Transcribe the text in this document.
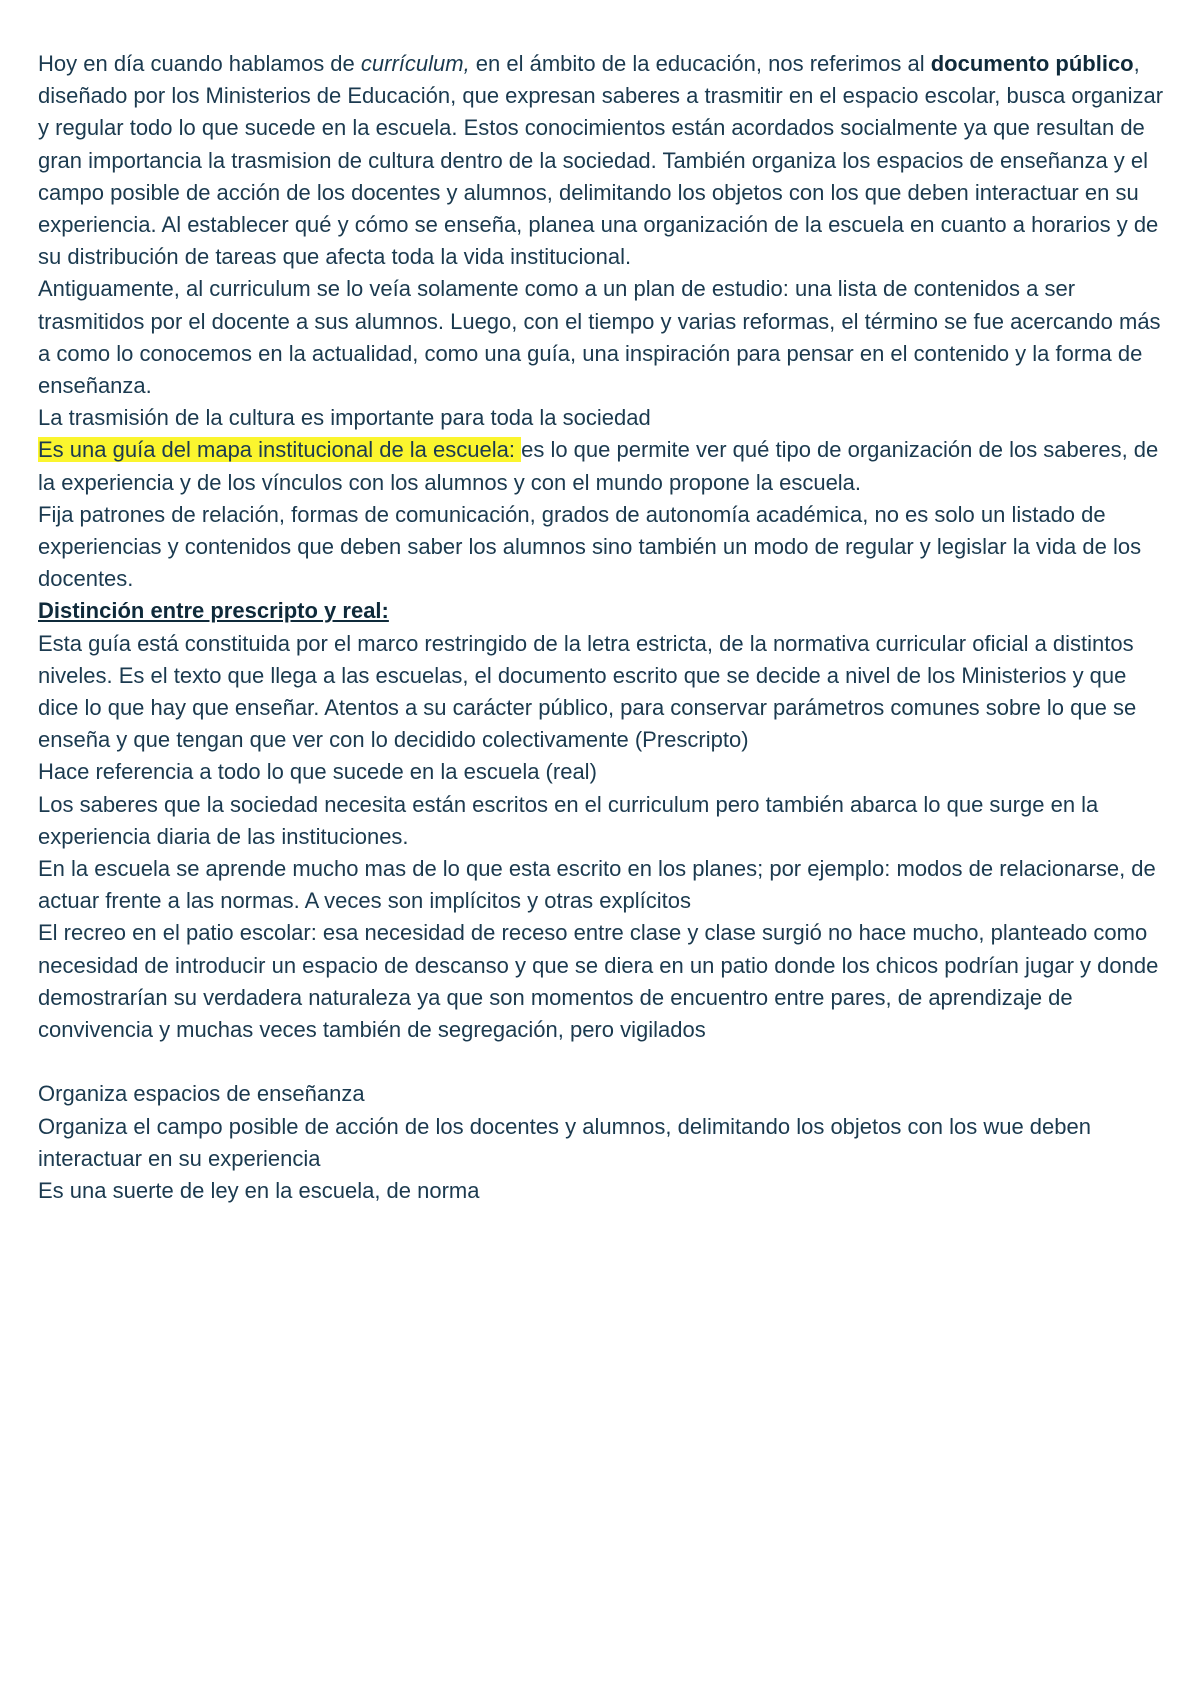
Hoy en día cuando hablamos de currículum, en el ámbito de la educación, nos referimos al documento público, diseñado por los Ministerios de Educación, que expresan saberes a trasmitir en el espacio escolar, busca organizar y regular todo lo que sucede en la escuela. Estos conocimientos están acordados socialmente ya que resultan de gran importancia la trasmision de cultura dentro de la sociedad. También organiza los espacios de enseñanza y el campo posible de acción de los docentes y alumnos, delimitando los objetos con los que deben interactuar en su experiencia. Al establecer qué y cómo se enseña, planea una organización de la escuela en cuanto a horarios y de su distribución de tareas que afecta toda la vida institucional.

Antiguamente, al curriculum se lo veía solamente como a un plan de estudio: una lista de contenidos a ser trasmitidos por el docente a sus alumnos. Luego, con el tiempo y varias reformas, el término se fue acercando más a como lo conocemos en la actualidad, como una guía, una inspiración para pensar en el contenido y la forma de enseñanza.

La trasmisión de la cultura es importante para toda la sociedad

Es una guía del mapa institucional de la escuela: es lo que permite ver qué tipo de organización de los saberes, de la experiencia y de los vínculos con los alumnos y con el mundo propone la escuela.

Fija patrones de relación, formas de comunicación, grados de autonomía académica, no es solo un listado de experiencias y contenidos que deben saber los alumnos sino también un modo de regular y legislar la vida de los docentes.

Distinción entre prescripto y real:

Esta guía está constituida por el marco restringido de la letra estricta, de la normativa curricular oficial a distintos niveles. Es el texto que llega a las escuelas, el documento escrito que se decide a nivel de los Ministerios y que dice lo que hay que enseñar. Atentos a su carácter público, para conservar parámetros comunes sobre lo que se enseña y que tengan que ver con lo decidido colectivamente (Prescripto)

Hace referencia a todo lo que sucede en la escuela (real)

Los saberes que la sociedad necesita están escritos en el curriculum pero también abarca lo que surge en la experiencia diaria de las instituciones.

En la escuela se aprende mucho mas de lo que esta escrito en los planes; por ejemplo: modos de relacionarse, de actuar frente a las normas. A veces son implícitos y otras explícitos

El recreo en el patio escolar: esa necesidad de receso entre clase y clase surgió no hace mucho, planteado como necesidad de introducir un espacio de descanso y que se diera en un patio donde los chicos podrían jugar y donde demostrarían su verdadera naturaleza ya que son momentos de encuentro entre pares, de aprendizaje de convivencia y muchas veces también de segregación, pero vigilados

Organiza espacios de enseñanza

Organiza el campo posible de acción de los docentes y alumnos, delimitando los objetos con los wue deben interactuar en su experiencia

Es una suerte de ley en la escuela, de norma
